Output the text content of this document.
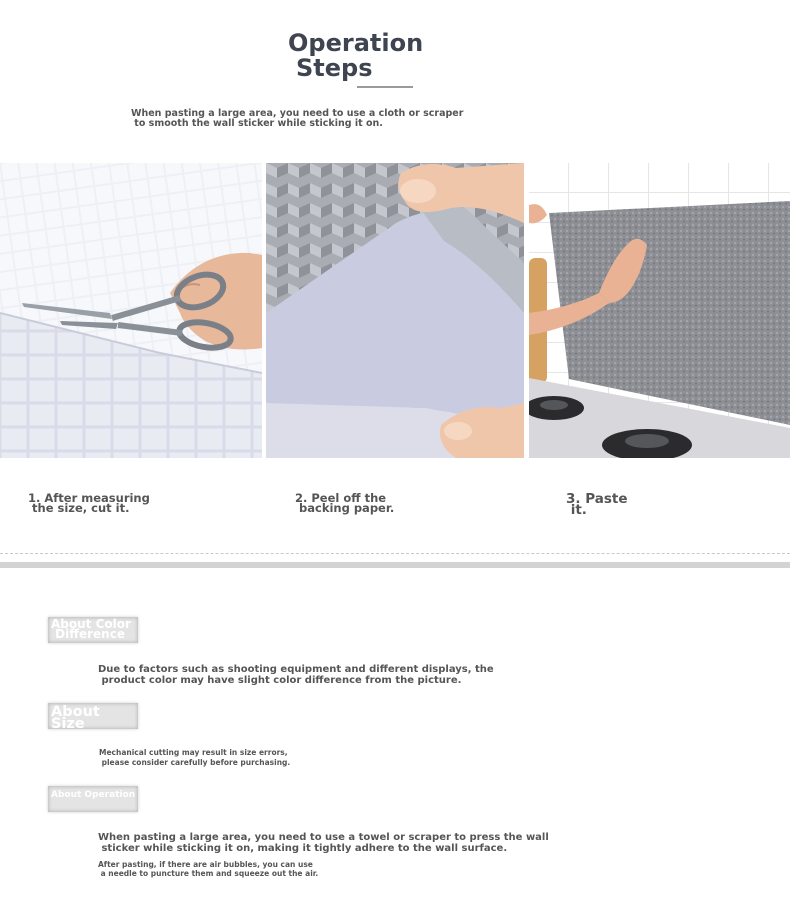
Operation
Steps
When pasting a large area, you need to use a cloth or scraper
to smooth the wall sticker while sticking it on.
1. After measuring
the size, cut it.
2. Peel off the
backing paper.
3. Paste
it.
About Color
Difference
Due to factors such as shooting equipment and different displays, the
product color may have slight color difference from the picture.
About
Size
Mechanical cutting may result in size errors,
please consider carefully before purchasing.
About Operation
When pasting a large area, you need to use a towel or scraper to press the wall
sticker while sticking it on, making it tightly adhere to the wall surface.
After pasting, if there are air bubbles, you can use
a needle to puncture them and squeeze out the air.
